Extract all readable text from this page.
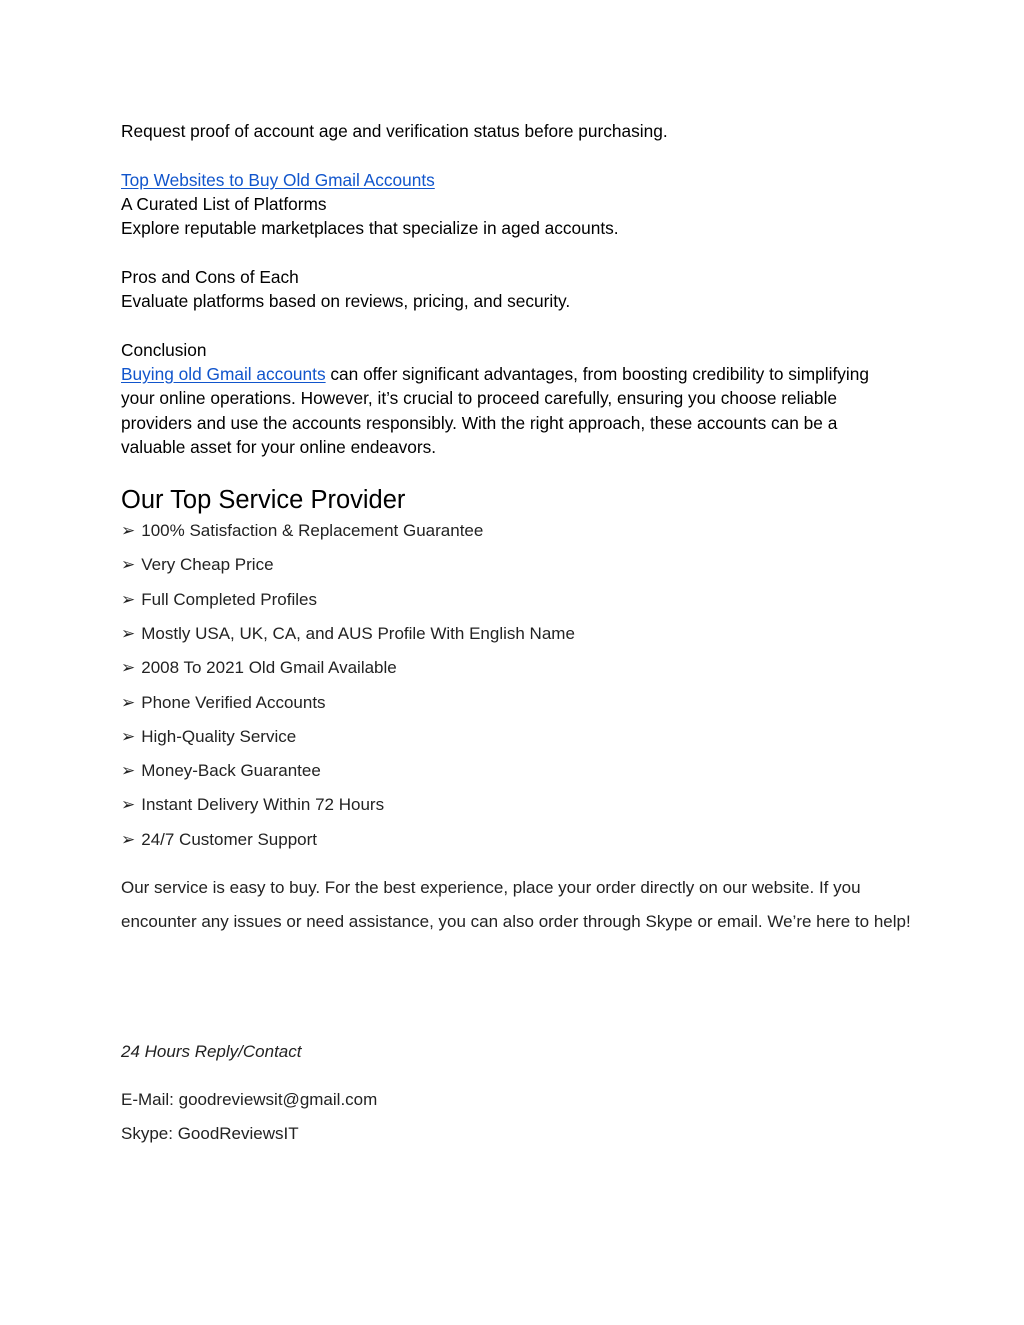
Request proof of account age and verification status before purchasing.
Top Websites to Buy Old Gmail Accounts
A Curated List of Platforms
Explore reputable marketplaces that specialize in aged accounts.
Pros and Cons of Each
Evaluate platforms based on reviews, pricing, and security.
Conclusion
Buying old Gmail accounts can offer significant advantages, from boosting credibility to simplifying your online operations. However, it’s crucial to proceed carefully, ensuring you choose reliable providers and use the accounts responsibly. With the right approach, these accounts can be a valuable asset for your online endeavors.
Our Top Service Provider
➢ 100% Satisfaction & Replacement Guarantee
➢ Very Cheap Price
➢ Full Completed Profiles
➢ Mostly USA, UK, CA, and AUS Profile With English Name
➢ 2008 To 2021 Old Gmail Available
➢ Phone Verified Accounts
➢ High-Quality Service
➢ Money-Back Guarantee
➢ Instant Delivery Within 72 Hours
➢ 24/7 Customer Support
Our service is easy to buy. For the best experience, place your order directly on our website. If you encounter any issues or need assistance, you can also order through Skype or email. We’re here to help!
24 Hours Reply/Contact
E-Mail: goodreviewsit@gmail.com
Skype: GoodReviewsIT
